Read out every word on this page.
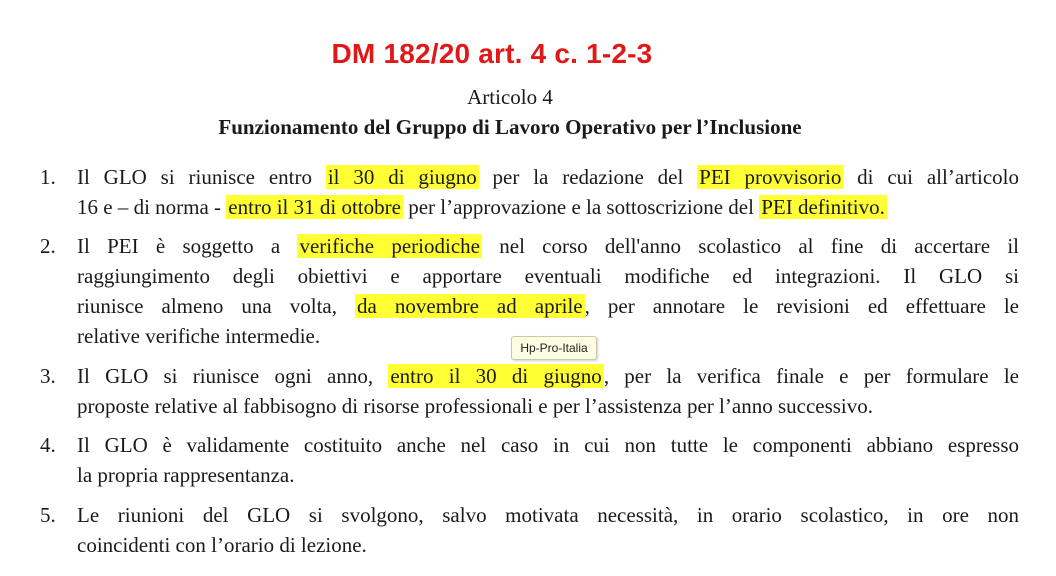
DM 182/20 art. 4 c. 1-2-3
Articolo 4
Funzionamento del Gruppo di Lavoro Operativo per l’Inclusione
1. Il GLO si riunisce entro il 30 di giugno per la redazione del PEI provvisorio di cui all’articolo
16 e – di norma - entro il 31 di ottobre per l’approvazione e la sottoscrizione del PEI definitivo.
2. Il PEI è soggetto a verifiche periodiche nel corso dell'anno scolastico al fine di accertare il
raggiungimento degli obiettivi e apportare eventuali modifiche ed integrazioni. Il GLO si
riunisce almeno una volta, da novembre ad aprile, per annotare le revisioni ed effettuare le
relative verifiche intermedie.
3. Il GLO si riunisce ogni anno, entro il 30 di giugno, per la verifica finale e per formulare le
proposte relative al fabbisogno di risorse professionali e per l’assistenza per l’anno successivo.
4. Il GLO è validamente costituito anche nel caso in cui non tutte le componenti abbiano espresso
la propria rappresentanza.
5. Le riunioni del GLO si svolgono, salvo motivata necessità, in orario scolastico, in ore non
coincidenti con l’orario di lezione.
Hp-Pro-Italia
